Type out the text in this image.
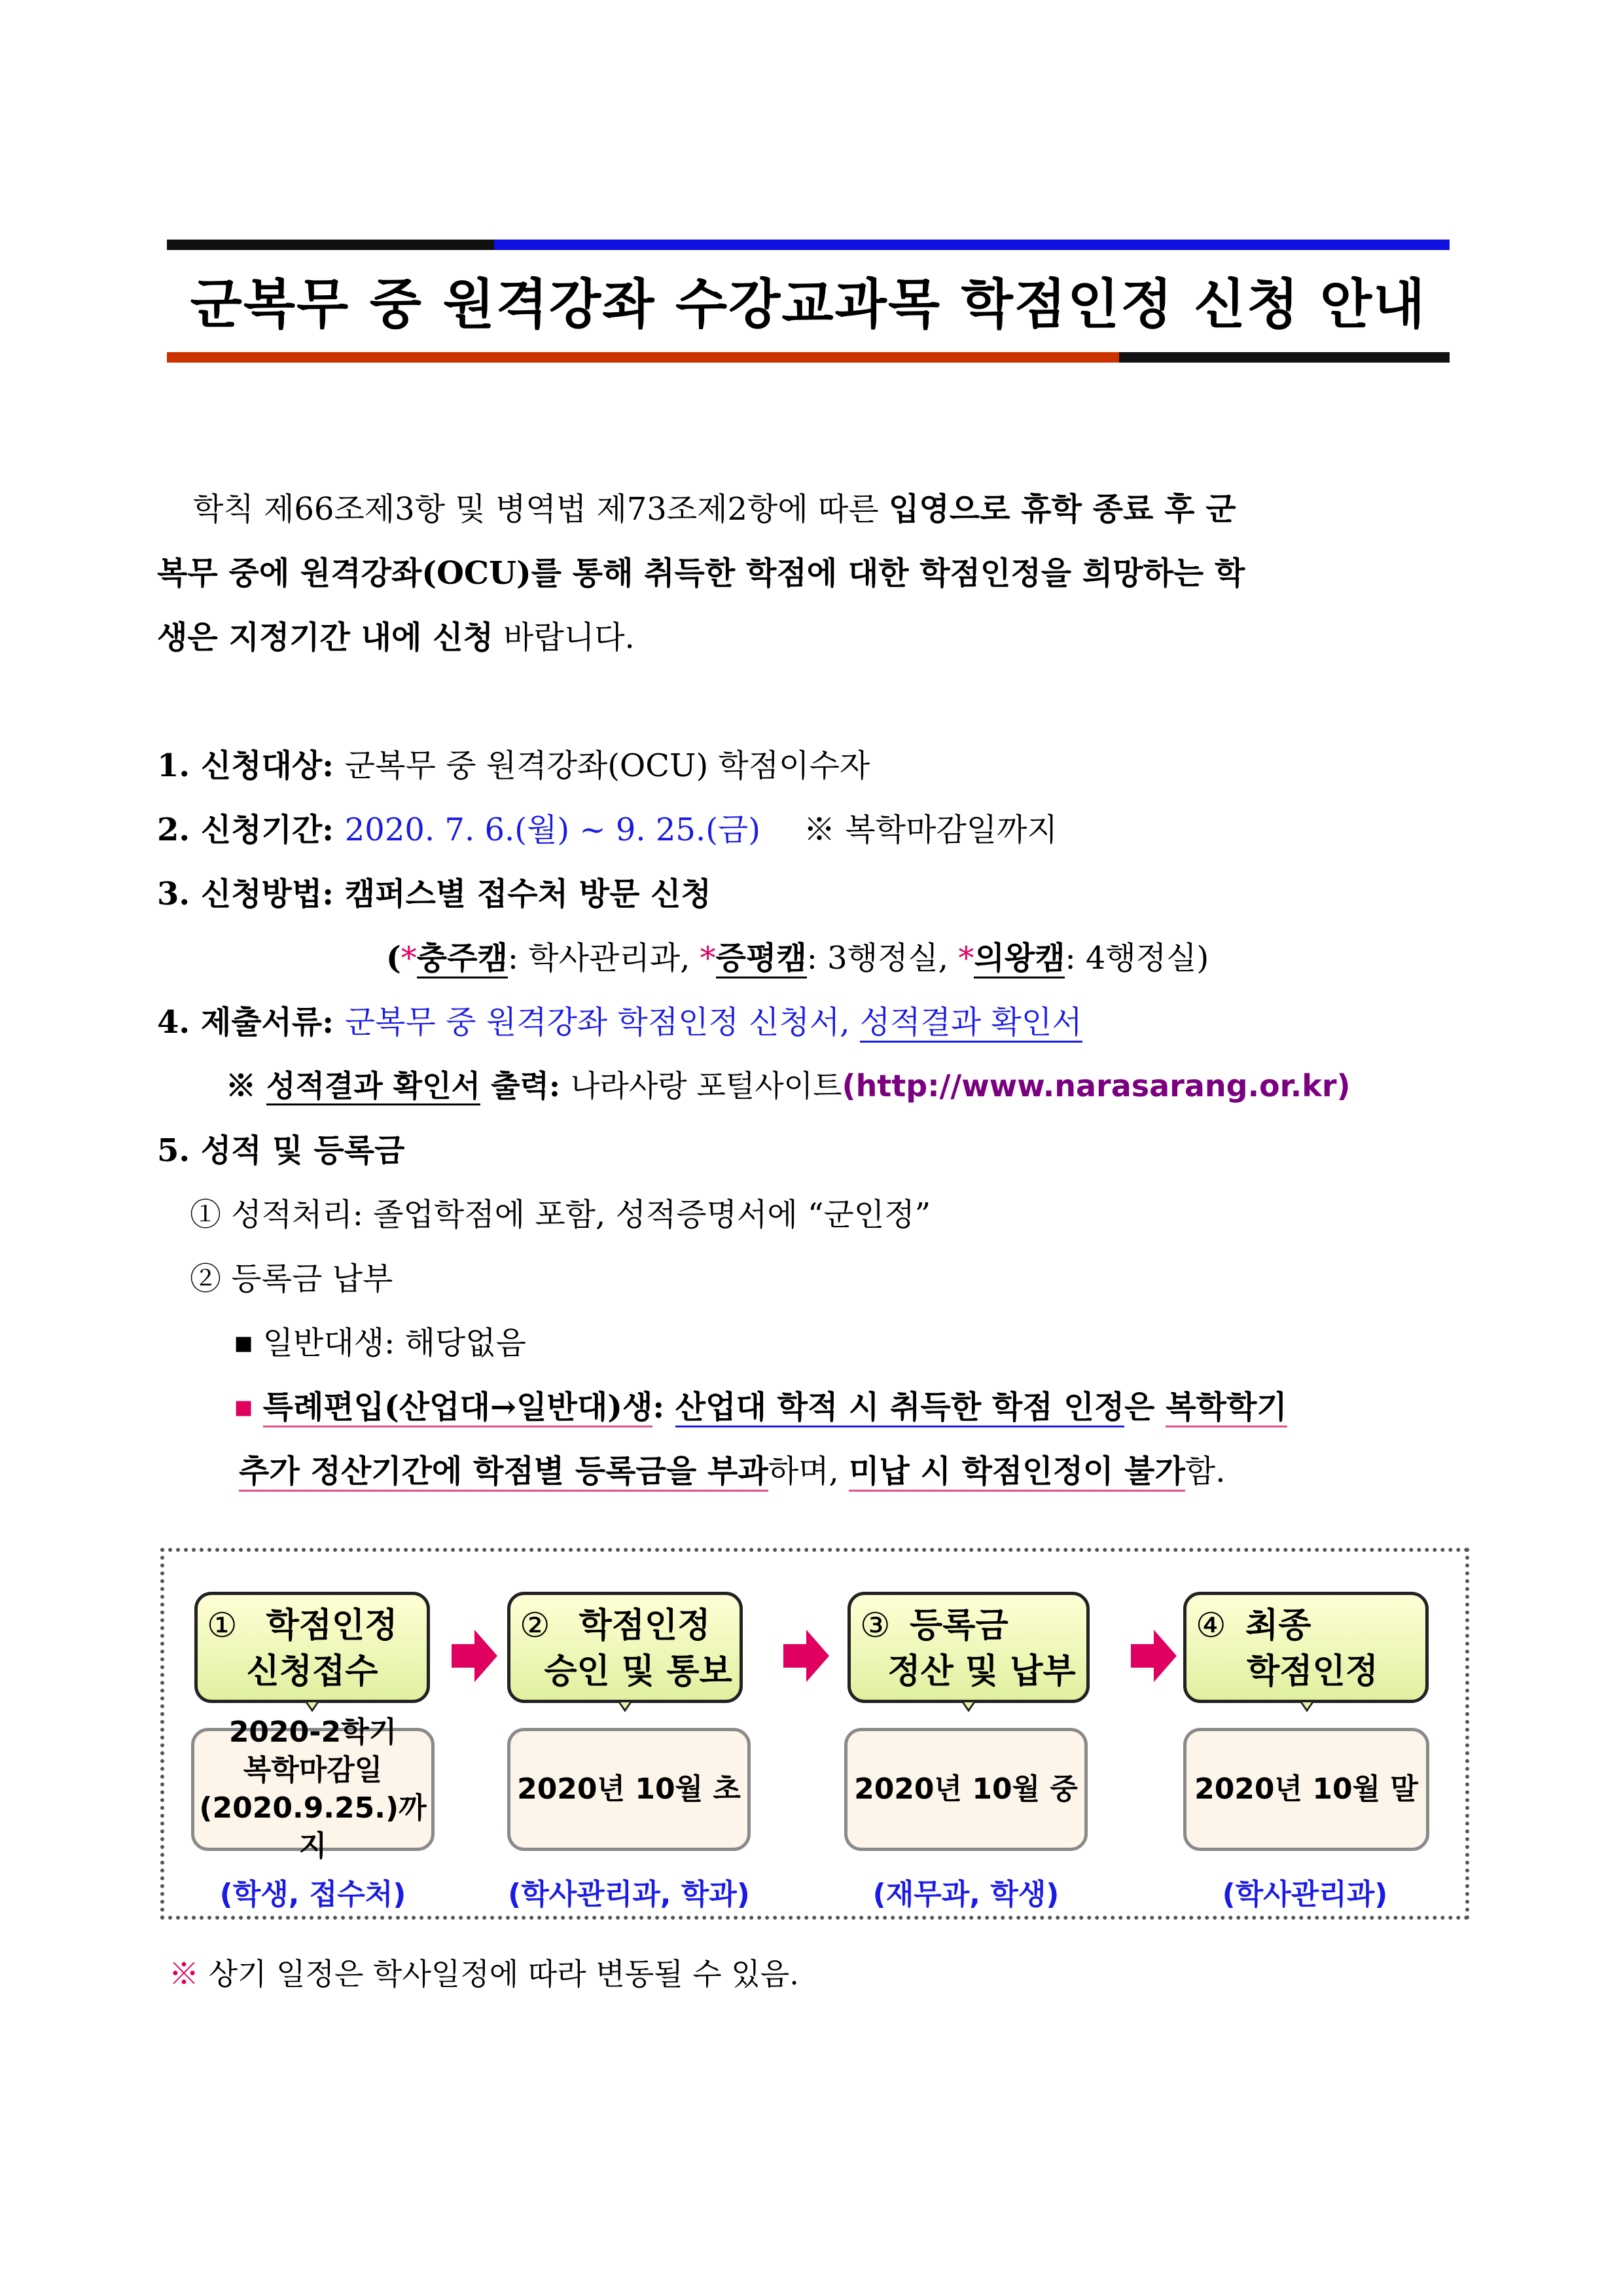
군복무 중 원격강좌 수강교과목 학점인정 신청 안내
학칙 제66조제3항 및 병역법 제73조제2항에 따른 입영으로 휴학 종료 후 군
복무 중에 원격강좌(OCU)를 통해 취득한 학점에 대한 학점인정을 희망하는 학
생은 지정기간 내에 신청 바랍니다.
1. 신청대상: 군복무 중 원격강좌(OCU) 학점이수자
2. 신청기간: 2020. 7. 6.(월) ~ 9. 25.(금) ※ 복학마감일까지
3. 신청방법: 캠퍼스별 접수처 방문 신청
(*충주캠: 학사관리과, *증평캠: 3행정실, *의왕캠: 4행정실)
4. 제출서류: 군복무 중 원격강좌 학점인정 신청서, 성적결과 확인서
※ 성적결과 확인서 출력: 나라사랑 포털사이트(http://www.narasarang.or.kr)
5. 성적 및 등록금
① 성적처리: 졸업학점에 포함, 성적증명서에 “군인정”
② 등록금 납부
■ 일반대생: 해당없음
■ 특례편입(산업대→일반대)생: 산업대 학적 시 취득한 학점 인정은 복학학기
추가 정산기간에 학점별 등록금을 부과하며, 미납 시 학점인정이 불가함.
① 학점인정
신청접수
2020-2학기
복학마감일
(2020.9.25.)까지
(학생, 접수처)
② 학점인정
승인 및 통보
2020년 10월 초
(학사관리과, 학과)
③ 등록금
정산 및 납부
2020년 10월 중
(재무과, 학생)
④ 최종
학점인정
2020년 10월 말
(학사관리과)
※ 상기 일정은 학사일정에 따라 변동될 수 있음.
